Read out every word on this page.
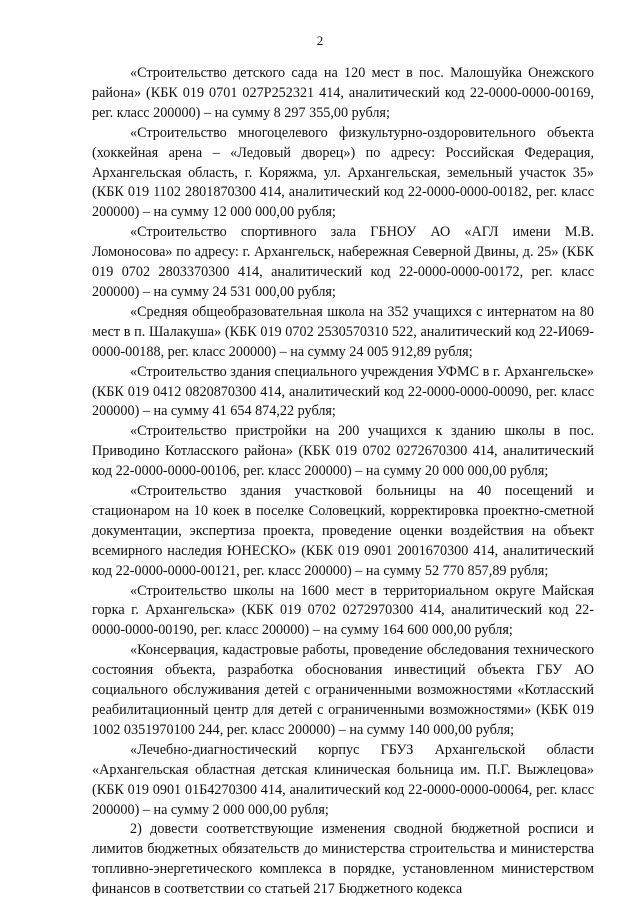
2

«Строительство детского сада на 120 мест в пос. Малошуйка Онежского района» (КБК 019 0701 027P252321 414, аналитический код 22-0000-0000-00169, рег. класс 200000) – на сумму 8 297 355,00 рубля;

«Строительство многоцелевого физкультурно-оздоровительного объекта (хоккейная арена – «Ледовый дворец») по адресу: Российская Федерация, Архангельская область, г. Коряжма, ул. Архангельская, земельный участок 35» (КБК 019 1102 2801870300 414, аналитический код 22-0000-0000-00182, рег. класс 200000) – на сумму 12 000 000,00 рубля;

«Строительство спортивного зала ГБНОУ АО «АГЛ имени М.В. Ломоносова» по адресу: г. Архангельск, набережная Северной Двины, д. 25» (КБК 019 0702 2803370300 414, аналитический код 22-0000-0000-00172, рег. класс 200000) – на сумму 24 531 000,00 рубля;

«Средняя общеобразовательная школа на 352 учащихся с интернатом на 80 мест в п. Шалакуша» (КБК 019 0702 2530570310 522, аналитический код 22-И069-0000-00188, рег. класс 200000) – на сумму 24 005 912,89 рубля;

«Строительство здания специального учреждения УФМС в г. Архангельске» (КБК 019 0412 0820870300 414, аналитический код 22-0000-0000-00090, рег. класс 200000) – на сумму 41 654 874,22 рубля;

«Строительство пристройки на 200 учащихся к зданию школы в пос. Приводино Котласского района» (КБК 019 0702 0272670300 414, аналитический код 22-0000-0000-00106, рег. класс 200000) – на сумму 20 000 000,00 рубля;

«Строительство здания участковой больницы на 40 посещений и стационаром на 10 коек в поселке Соловецкий, корректировка проектно-сметной документации, экспертиза проекта, проведение оценки воздействия на объект всемирного наследия ЮНЕСКО» (КБК 019 0901 2001670300 414, аналитический код 22-0000-0000-00121, рег. класс 200000) – на сумму 52 770 857,89 рубля;

«Строительство школы на 1600 мест в территориальном округе Майская горка г. Архангельска» (КБК 019 0702 0272970300 414, аналитический код 22-0000-0000-00190, рег. класс 200000) – на сумму 164 600 000,00 рубля;

«Консервация, кадастровые работы, проведение обследования технического состояния объекта, разработка обоснования инвестиций объекта ГБУ АО социального обслуживания детей с ограниченными возможностями «Котласский реабилитационный центр для детей с ограниченными возможностями» (КБК 019 1002 0351970100 244, рег. класс 200000) – на сумму 140 000,00 рубля;

«Лечебно-диагностический корпус ГБУЗ Архангельской области «Архангельская областная детская клиническая больница им. П.Г. Выжлецова» (КБК 019 0901 01Б4270300 414, аналитический код 22-0000-0000-00064, рег. класс 200000) – на сумму 2 000 000,00 рубля;

2) довести соответствующие изменения сводной бюджетной росписи и лимитов бюджетных обязательств до министерства строительства и министерства топливно-энергетического комплекса в порядке, установленном министерством финансов в соответствии со статьей 217 Бюджетного кодекса
